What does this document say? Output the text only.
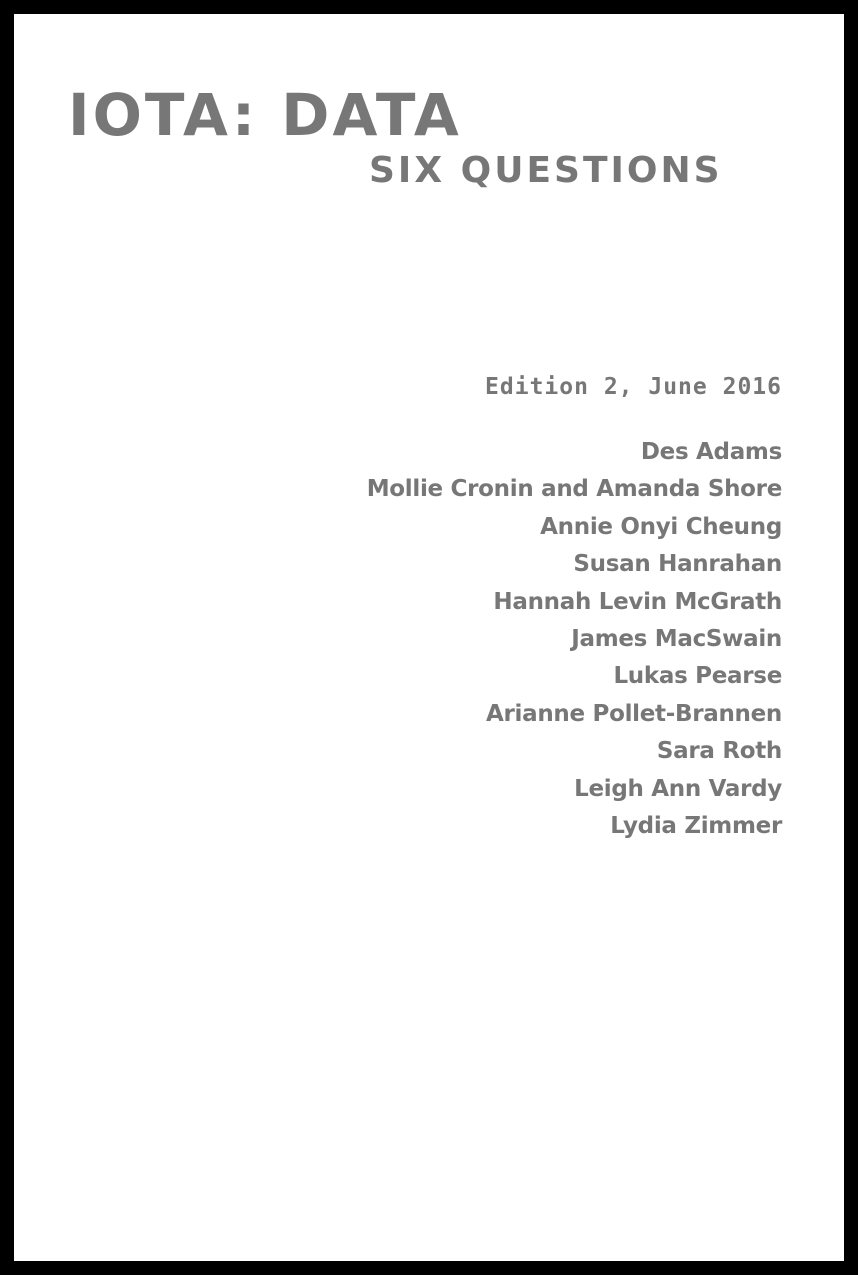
IOTA: DATA
SIX QUESTIONS

Edition 2, June 2016

Des Adams
Mollie Cronin and Amanda Shore
Annie Onyi Cheung
Susan Hanrahan
Hannah Levin McGrath
James MacSwain
Lukas Pearse
Arianne Pollet-Brannen
Sara Roth
Leigh Ann Vardy
Lydia Zimmer
